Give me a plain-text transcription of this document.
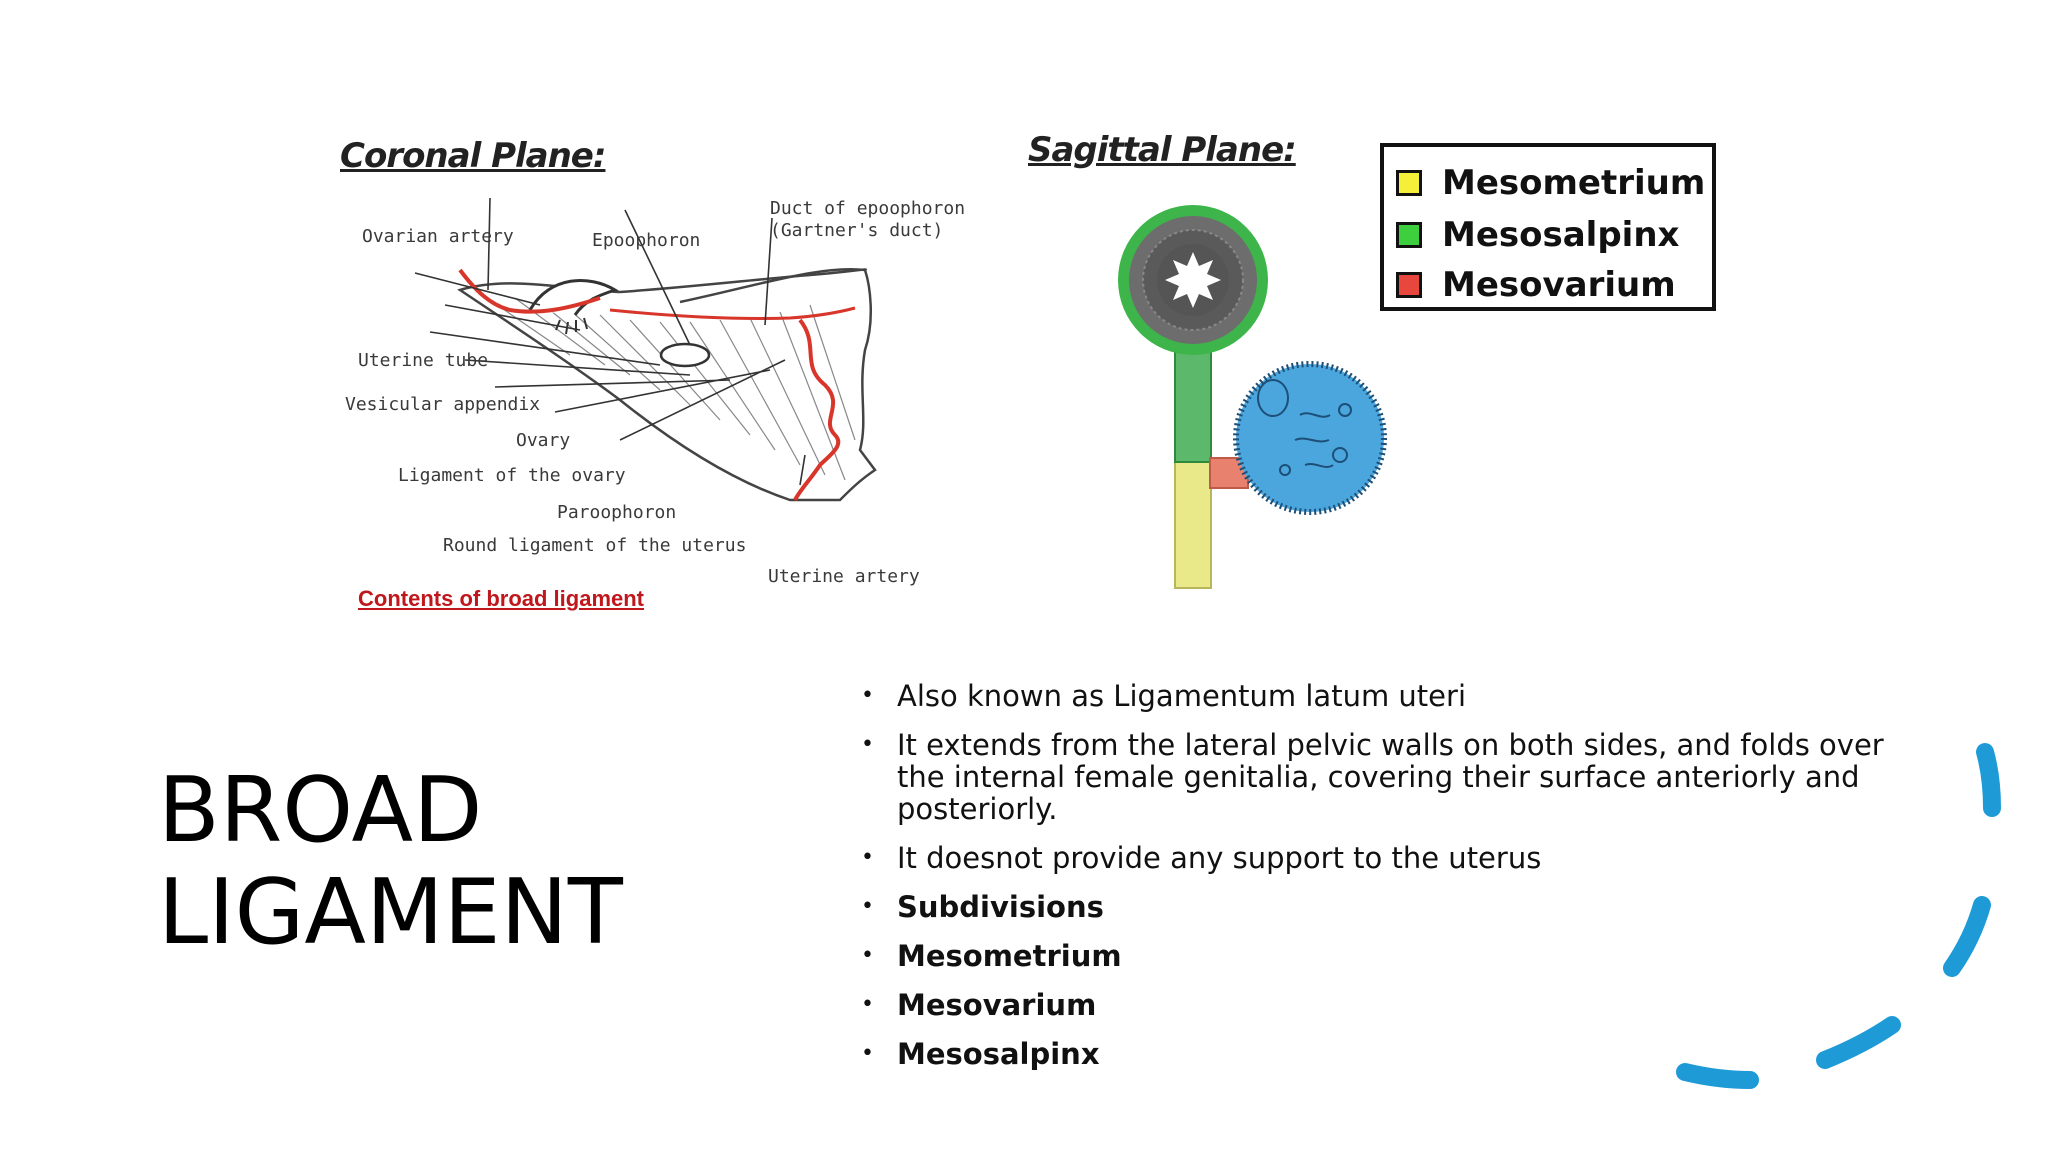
Coronal Plane:
Ovarian artery	Epoophoron
Duct of epoophoron
(Gartner's duct)
Uterine tube
Vesicular appendix
Ovary
Ligament of the ovary
Paroophoron
Round ligament of the uterus
Uterine artery
Contents of broad ligament
Sagittal Plane:
Mesometrium
Mesosalpinx
Mesovarium
BROAD
LIGAMENT
• Also known as Ligamentum latum uteri
• It extends from the lateral pelvic walls on both sides, and folds over the internal female genitalia, covering their surface anteriorly and posteriorly.
• It doesnot provide any support to the uterus
• Subdivisions
• Mesometrium
• Mesovarium
• Mesosalpinx
